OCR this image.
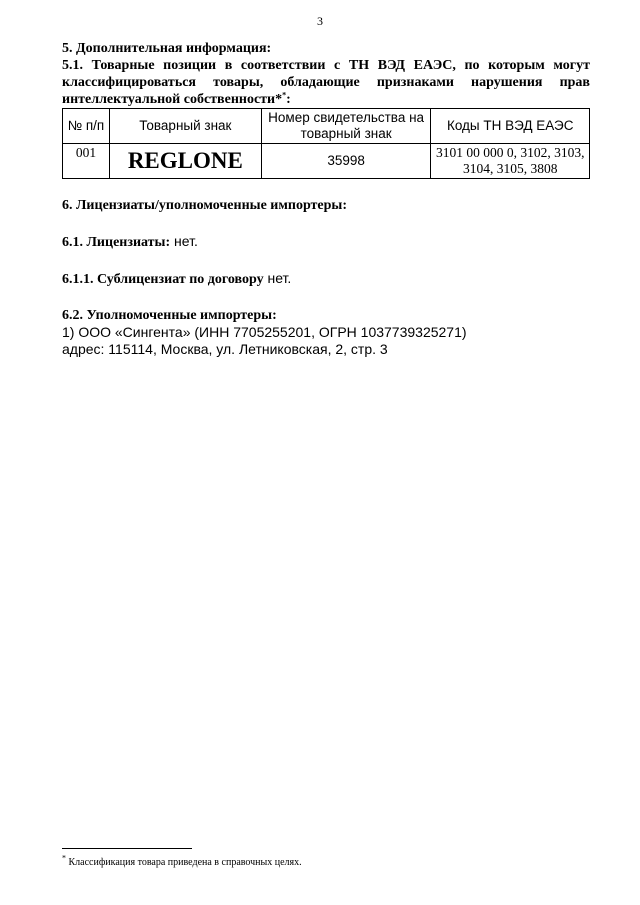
3
5. Дополнительная информация:
5.1. Товарные позиции в соответствии с ТН ВЭД ЕАЭС, по которым могут
классифицироваться товары, обладающие признаками нарушения прав
интеллектуальной собственности**:
№ п/п	Товарный знак	Номер свидетельства на товарный знак	Коды ТН ВЭД ЕАЭС
001	REGLONE	35998	3101 00 000 0, 3102, 3103, 3104, 3105, 3808
6. Лицензиаты/уполномоченные импортеры:
6.1. Лицензиаты: нет.
6.1.1. Сублицензиат по договору нет.
6.2. Уполномоченные импортеры:
1) ООО «Сингента» (ИНН 7705255201, ОГРН 1037739325271)
адрес: 115114, Москва, ул. Летниковская, 2, стр. 3
* Классификация товара приведена в справочных целях.
